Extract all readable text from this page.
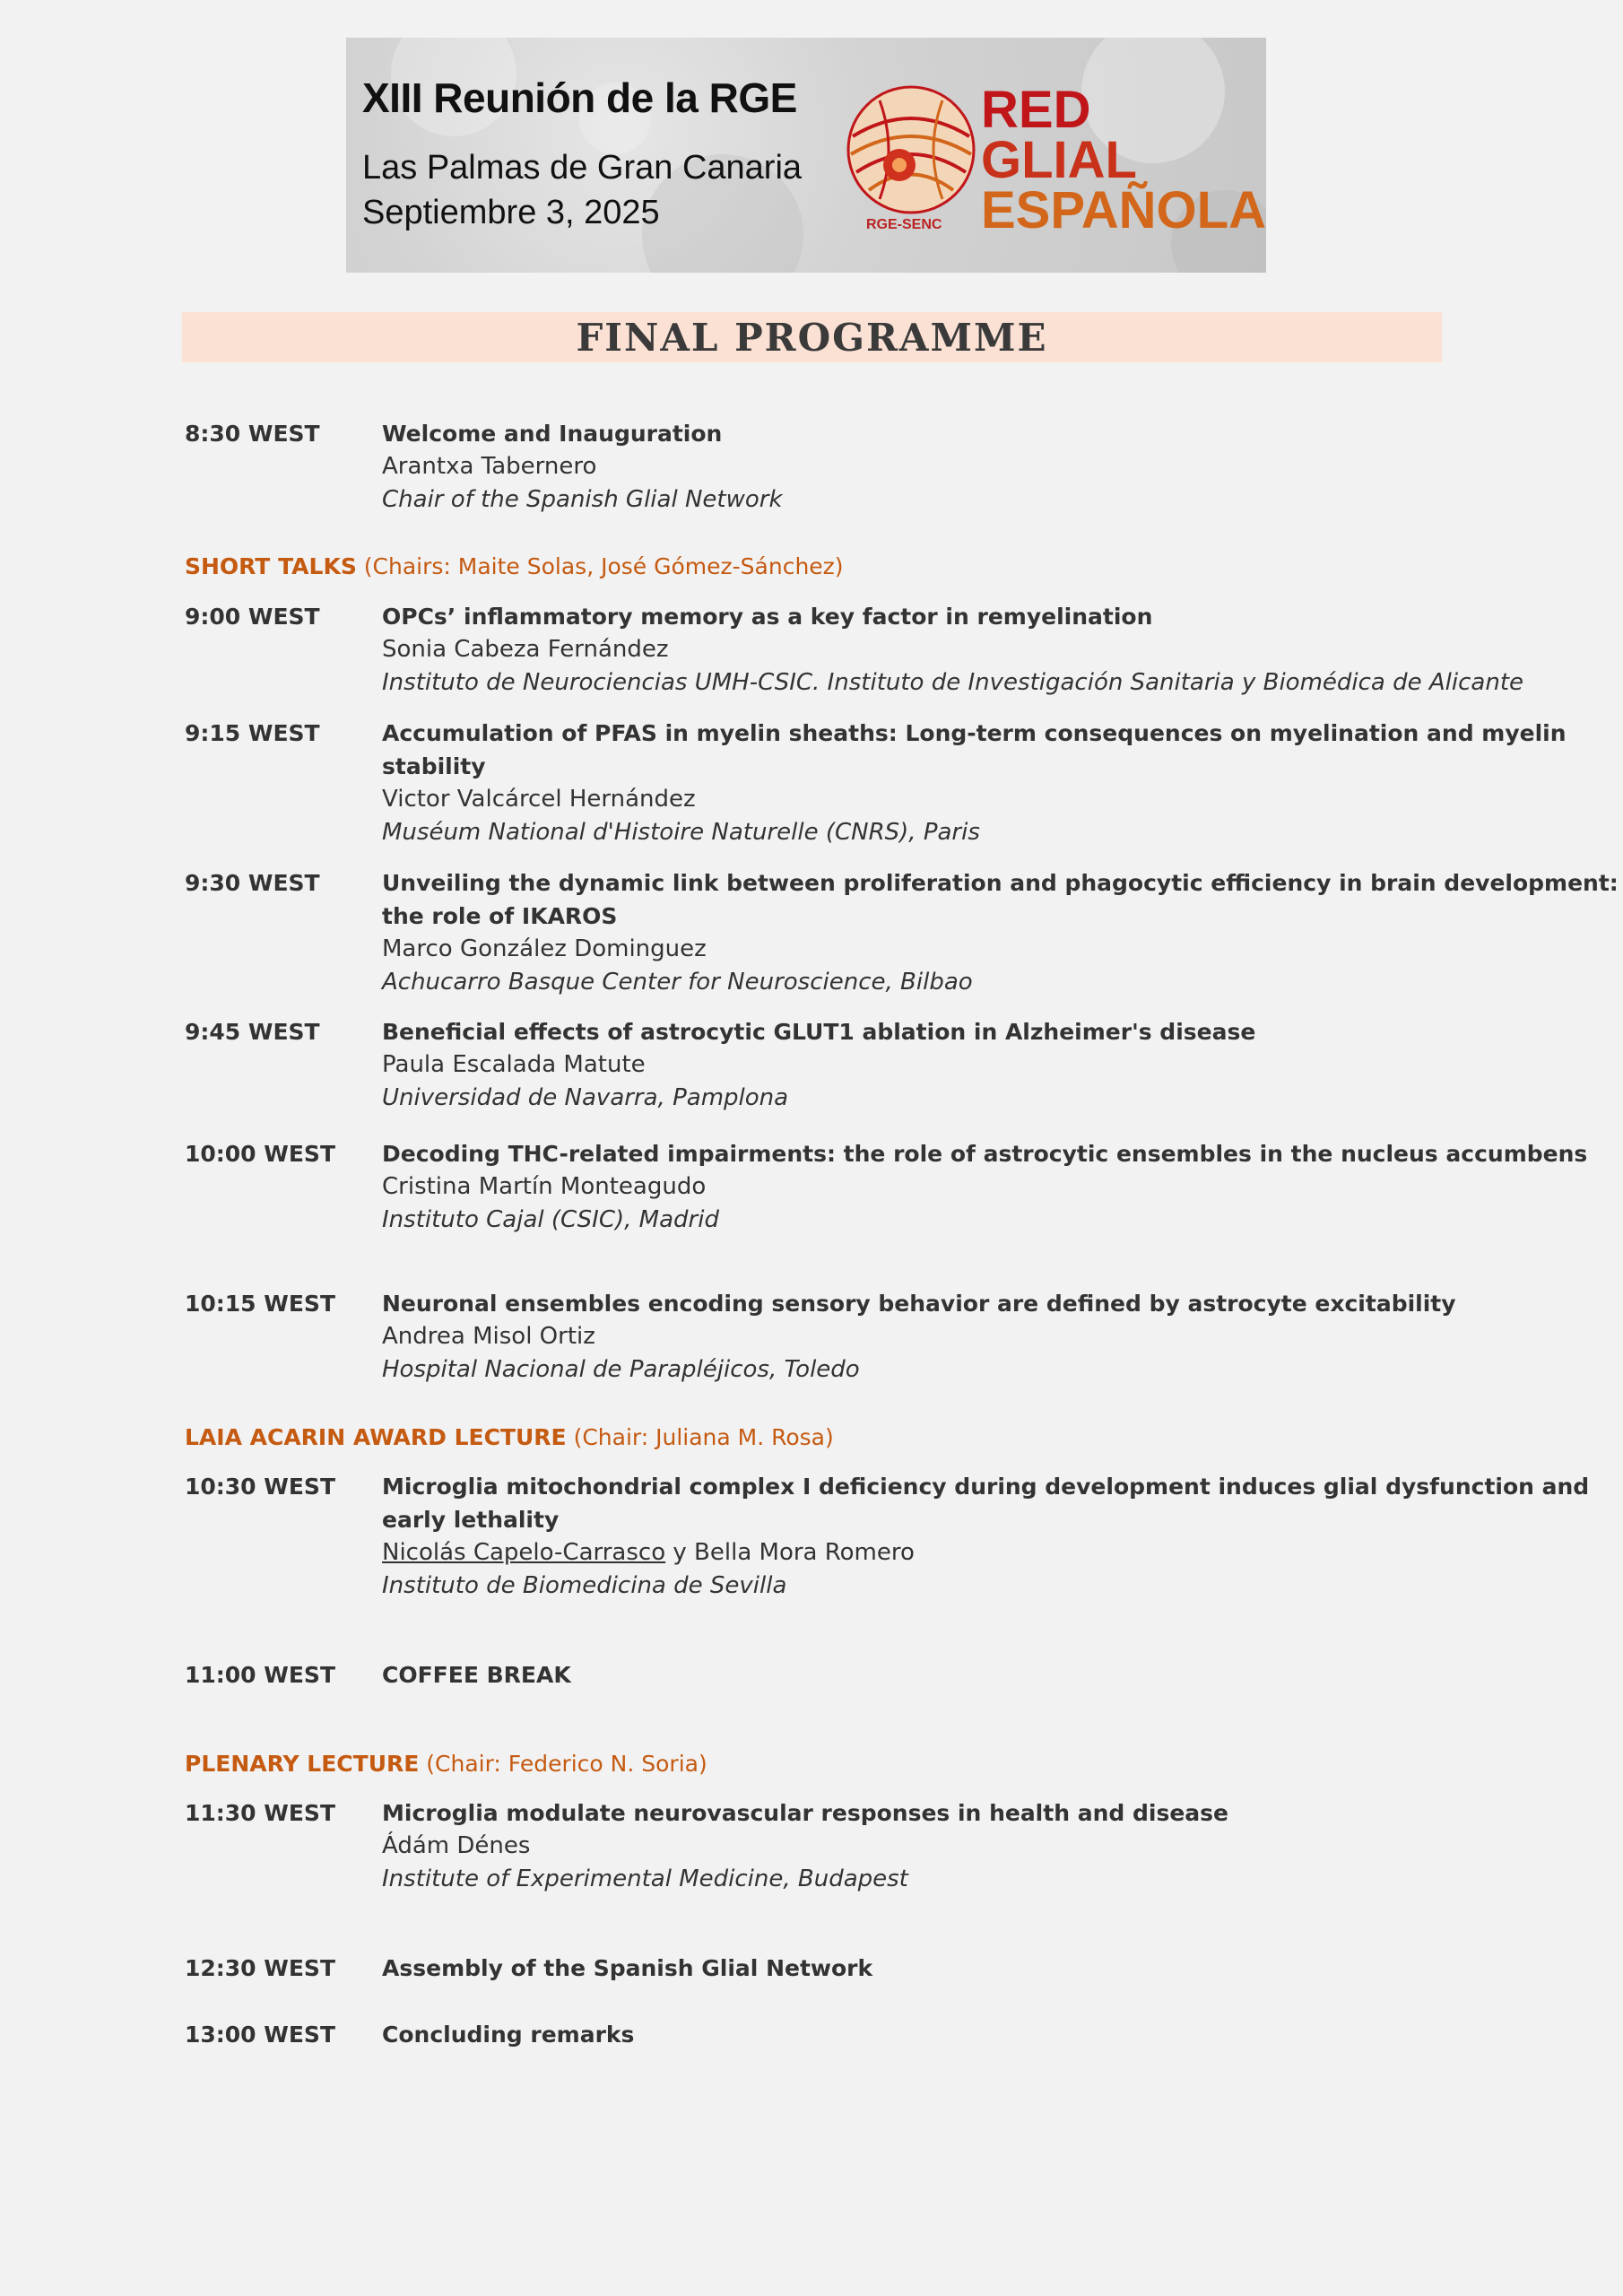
XIII Reunión de la RGE
Las Palmas de Gran Canaria
Septiembre 3, 2025	RGE-SENC
RED
GLIAL
ESPAÑOLA
FINAL PROGRAMME
8:30 WEST	Welcome and Inauguration
Arantxa Tabernero
Chair of the Spanish Glial Network
SHORT TALKS (Chairs: Maite Solas, José Gómez-Sánchez)
9:00 WEST	OPCs’ inflammatory memory as a key factor in remyelination
Sonia Cabeza Fernández
Instituto de Neurociencias UMH-CSIC. Instituto de Investigación Sanitaria y Biomédica de Alicante
9:15 WEST	Accumulation of PFAS in myelin sheaths: Long-term consequences on myelination and myelin stability
Victor Valcárcel Hernández
Muséum National d'Histoire Naturelle (CNRS), Paris
9:30 WEST	Unveiling the dynamic link between proliferation and phagocytic efficiency in brain development: the role of IKAROS
Marco González Dominguez
Achucarro Basque Center for Neuroscience, Bilbao
9:45 WEST	Beneficial effects of astrocytic GLUT1 ablation in Alzheimer's disease
Paula Escalada Matute
Universidad de Navarra, Pamplona
10:00 WEST Decoding THC-related impairments: the role of astrocytic ensembles in the nucleus accumbens
Cristina Martín Monteagudo
Instituto Cajal (CSIC), Madrid
10:15 WEST Neuronal ensembles encoding sensory behavior are defined by astrocyte excitability
Andrea Misol Ortiz
Hospital Nacional de Parapléjicos, Toledo
LAIA ACARIN AWARD LECTURE (Chair: Juliana M. Rosa)
10:30 WEST Microglia mitochondrial complex I deficiency during development induces glial dysfunction and early lethality
Nicolás Capelo-Carrasco y Bella Mora Romero
Instituto de Biomedicina de Sevilla
11:00 WEST COFFEE BREAK
PLENARY LECTURE (Chair: Federico N. Soria)
11:30 WEST Microglia modulate neurovascular responses in health and disease
Ádám Dénes
Institute of Experimental Medicine, Budapest
12:30 WEST Assembly of the Spanish Glial Network
13:00 WEST Concluding remarks
